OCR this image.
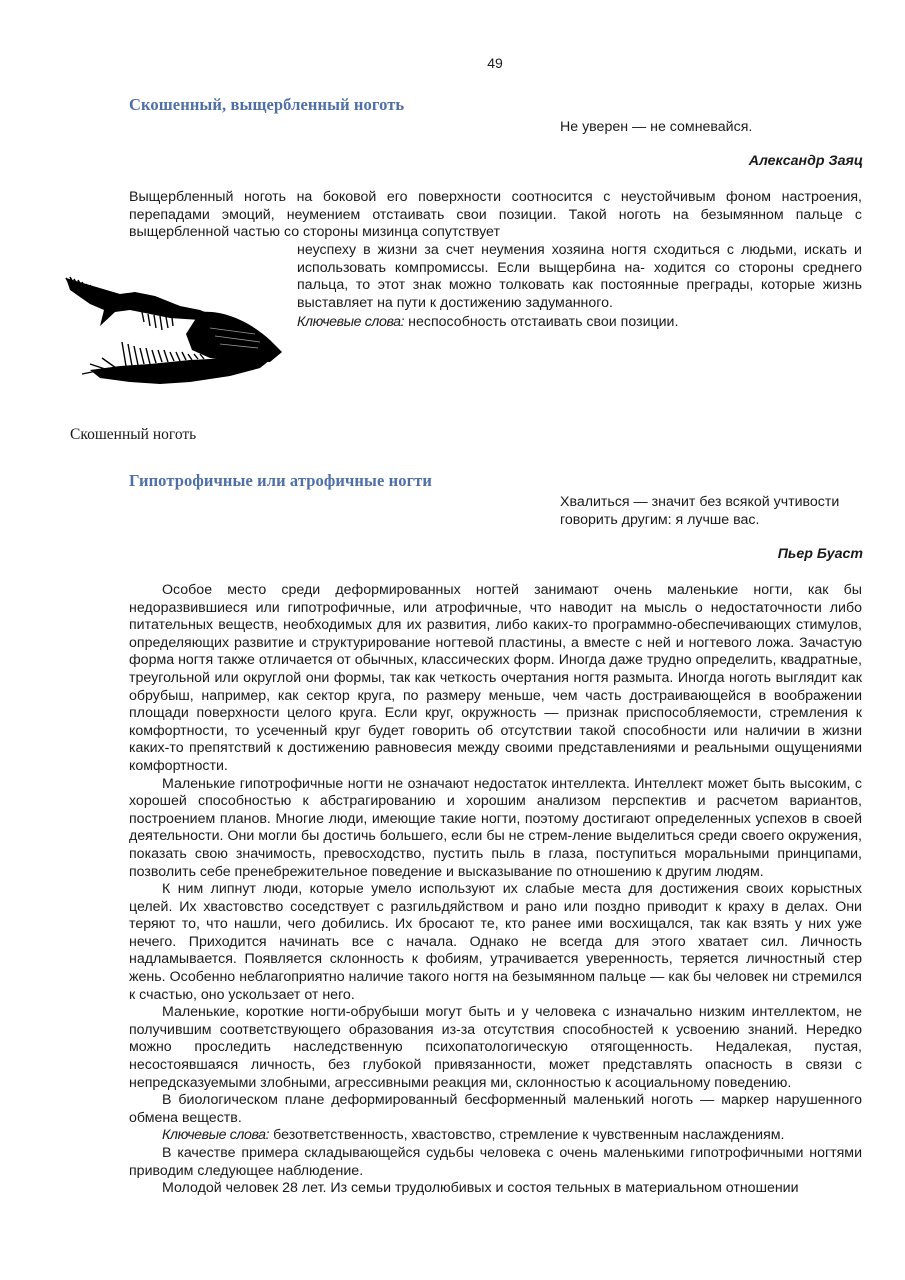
49
Скошенный, выщербленный ноготь
Не уверен — не сомневайся.
Александр Заяц

Выщербленный ноготь на боковой его поверхности соотносится с неустойчивым фоном настроения, перепадами эмоций, неумением отстаивать свои позиции. Такой ноготь на безымянном пальце с выщербленной частью со стороны мизинца сопутствует

неуспеху в жизни за счет неумения хозяина ногтя сходиться с людьми, искать и использовать компромиссы. Если выщербина на- ходится со стороны среднего пальца, то этот знак можно толковать как постоянные преграды, которые жизнь выставляет на пути к достижению задуманного.

Ключевые слова: неспособность отстаивать свои позиции.

Скошенный ноготь
Гипотрофичные или атрофичные ногти
Хвалиться — значит без всякой учтивости говорить другим: я лучше вас.
Пьер Буаст

Особое место среди деформированных ногтей занимают очень маленькие ногти, как бы недоразвившиеся или гипотрофичные, или атрофичные, что наводит на мысль о недостаточности либо питательных веществ, необходимых для их развития, либо каких-то программно-обеспечивающих стимулов, определяющих развитие и структурирование ногтевой пластины, а вместе с ней и ногтевого ложа. Зачастую форма ногтя также отличается от обычных, классических форм. Иногда даже трудно определить, квадратные, треугольной или округлой они формы, так как четкость очертания ногтя размыта. Иногда ноготь выглядит как обрубыш, например, как сектор круга, по размеру меньше, чем часть достраивающейся в воображении площади поверхности целого круга. Если круг, окружность — признак приспособляемости, стремления к комфортности, то усеченный круг будет говорить об отсутствии такой способности или наличии в жизни каких-то препятствий к достижению равновесия между своими представлениями и реальными ощущениями комфортности.

Маленькие гипотрофичные ногти не означают недостаток интеллекта. Интеллект может быть высоким, с хорошей способностью к абстрагированию и хорошим анализом перспектив и расчетом вариантов, построением планов. Многие люди, имеющие такие ногти, поэтому достигают определенных успехов в своей деятельности. Они могли бы достичь большего, если бы не стрем-ление выделиться среди своего окружения, показать свою значимость, превосходство, пустить пыль в глаза, поступиться моральными принципами, позволить себе пренебрежительное поведение и высказывание по отношению к другим людям.

К ним липнут люди, которые умело используют их слабые места для достижения своих корыстных целей. Их хвастовство соседствует с разгильдяйством и рано или поздно приводит к краху в делах. Они теряют то, что нашли, чего добились. Их бросают те, кто ранее ими восхищался, так как взять у них уже нечего. Приходится начинать все с начала. Однако не всегда для этого хватает сил. Личность надламывается. Появляется склонность к фобиям, утрачивается уверенность, теряется личностный стер жень. Особенно неблагоприятно наличие такого ногтя на безымянном пальце — как бы человек ни стремился к счастью, оно ускользает от него.

Маленькие, короткие ногти-обрубыши могут быть и у человека с изначально низким интеллектом, не получившим соответствующего образования из-за отсутствия способностей к усвоению знаний. Нередко можно проследить наследственную психопатологическую отягощенность. Недалекая, пустая, несостоявшаяся личность, без глубокой привязанности, может представлять опасность в связи с непредсказуемыми злобными, агрессивными реакция ми, склонностью к асоциальному поведению.

В биологическом плане деформированный бесформенный маленький ноготь — маркер нарушенного обмена веществ.

Ключевые слова: безответственность, хвастовство, стремление к чувственным наслаждениям.

В качестве примера складывающейся судьбы человека с очень маленькими гипотрофичными ногтями приводим следующее наблюдение.

Молодой человек 28 лет. Из семьи трудолюбивых и состоя тельных в материальном отношении
